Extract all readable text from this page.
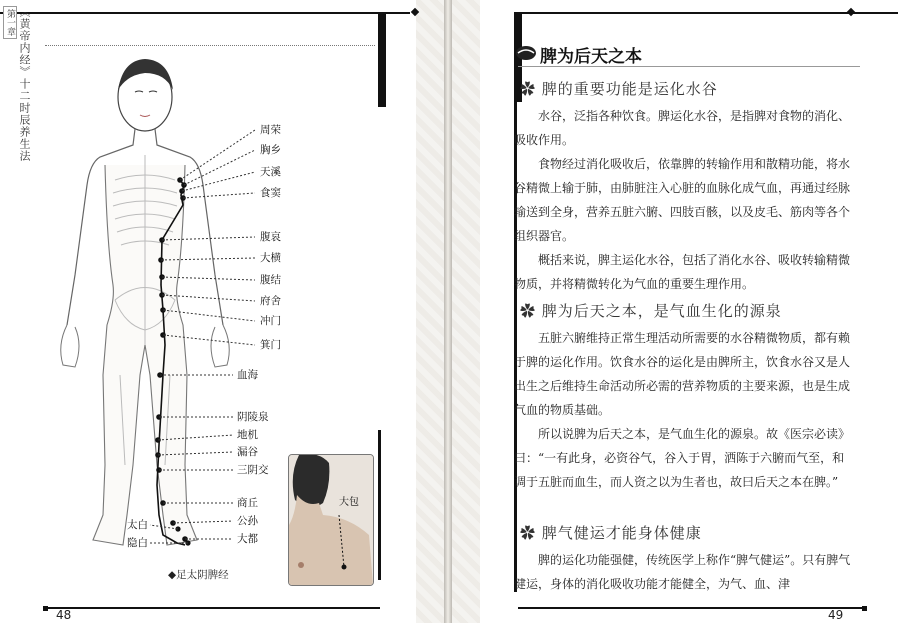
48
第一章 《黄帝内经》十二时辰养生法	周荣
胸乡
天溪
食窦
腹哀
大横
腹结
府舍
冲门
箕门
血海
阴陵泉
地机
漏谷
三阴交
商丘
公孙
大都
太白
隐白
大包
◆足太阴脾经
49
脾为后天之本
✿ 脾的重要功能是运化水谷

水谷，泛指各种饮食。脾运化水谷，是指脾对食物的消化、吸收作用。

食物经过消化吸收后，依靠脾的转输作用和散精功能，将水谷精微上输于肺，由肺脏注入心脏的血脉化成气血，再通过经脉输送到全身，营养五脏六腑、四肢百骸，以及皮毛、筋肉等各个组织器官。

概括来说，脾主运化水谷，包括了消化水谷、吸收转输精微物质，并将精微转化为气血的重要生理作用。

✿ 脾为后天之本，是气血生化的源泉

五脏六腑维持正常生理活动所需要的水谷精微物质，都有赖于脾的运化作用。饮食水谷的运化是由脾所主，饮食水谷又是人出生之后维持生命活动所必需的营养物质的主要来源，也是生成气血的物质基础。

所以说脾为后天之本，是气血生化的源泉。故《医宗必读》曰：“一有此身，必资谷气，谷入于胃，洒陈于六腑而气至，和调于五脏而血生，而人资之以为生者也，故曰后天之本在脾。”

✿ 脾气健运才能身体健康

脾的运化功能强健，传统医学上称作“脾气健运”。只有脾气健运，身体的消化吸收功能才能健全，为气、血、津
